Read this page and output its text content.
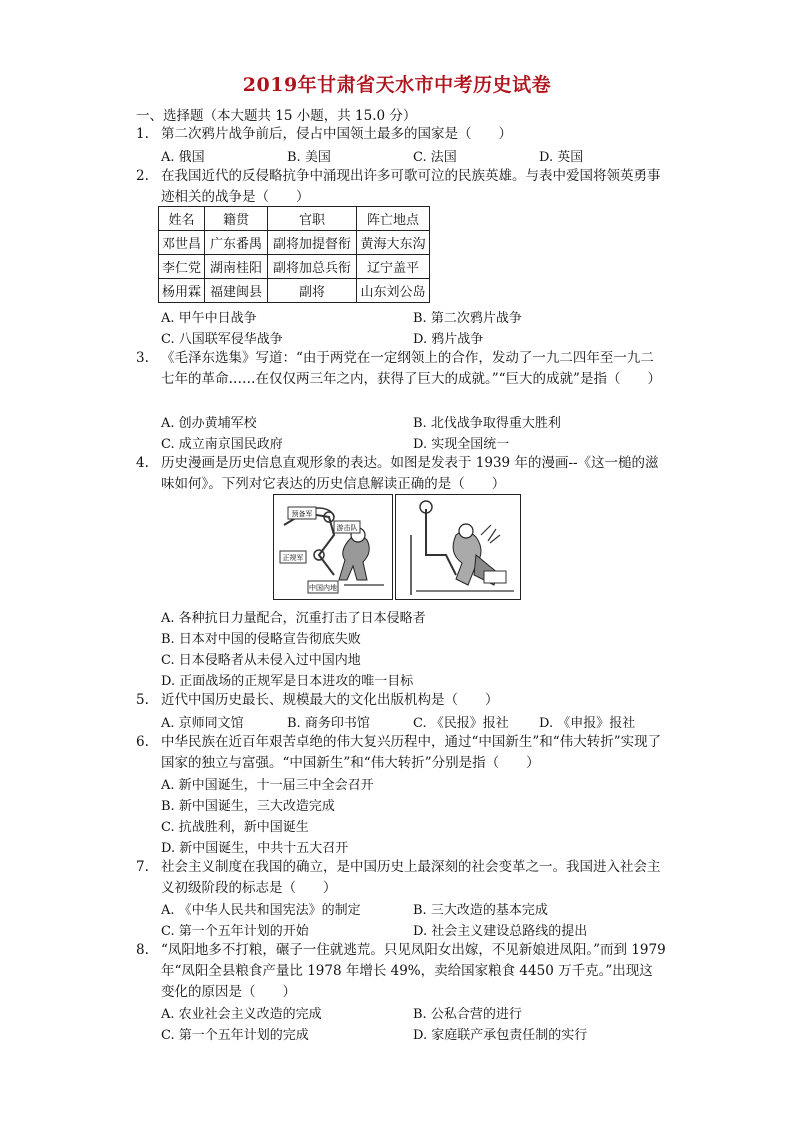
2019年甘肃省天水市中考历史试卷
一、选择题（本大题共 15 小题，共 15.0 分）
1. 第二次鸦片战争前后，侵占中国领土最多的国家是（　　）
A. 俄国	B. 美国	C. 法国	D. 英国
2. 在我国近代的反侵略抗争中涌现出许多可歌可泣的民族英雄。与表中爱国将领英勇事迹相关的战争是（　　）
姓名	籍贯	官职	阵亡地点
邓世昌	广东番禺	副将加提督衔	黄海大东沟
李仁党	湖南桂阳	副将加总兵衔	辽宁盖平
杨用霖	福建闽县	副将	山东刘公岛
A. 甲午中日战争	B. 第二次鸦片战争
C. 八国联军侵华战争	D. 鸦片战争
3. 《毛泽东选集》写道：“由于两党在一定纲领上的合作，发动了一九二四年至一九二七年的革命……在仅仅两三年之内，获得了巨大的成就。”“巨大的成就”是指（　　）
A. 创办黄埔军校	B. 北伐战争取得重大胜利
C. 成立南京国民政府	D. 实现全国统一
4. 历史漫画是历史信息直观形象的表达。如图是发表于 1939 年的漫画--《这一槌的滋味如何》。下列对它表达的历史信息解读正确的是（　　）
预备军
游击队
正规军
中国内地
A. 各种抗日力量配合，沉重打击了日本侵略者
B. 日本对中国的侵略宣告彻底失败
C. 日本侵略者从未侵入过中国内地
D. 正面战场的正规军是日本进攻的唯一目标
5. 近代中国历史最长、规模最大的文化出版机构是（　　）
A. 京师同文馆	B. 商务印书馆	C. 《民报》报社 D. 《申报》报社
6. 中华民族在近百年艰苦卓绝的伟大复兴历程中，通过“中国新生”和“伟大转折”实现了国家的独立与富强。“中国新生”和“伟大转折”分别是指（　　）
A. 新中国诞生，十一届三中全会召开
B. 新中国诞生，三大改造完成
C. 抗战胜利，新中国诞生
D. 新中国诞生，中共十五大召开
7. 社会主义制度在我国的确立，是中国历史上最深刻的社会变革之一。我国进入社会主义初级阶段的标志是（　　）
A. 《中华人民共和国宪法》的制定	B. 三大改造的基本完成
C. 第一个五年计划的开始	D. 社会主义建设总路线的提出
8. “凤阳地多不打粮，碾子一住就逃荒。只见凤阳女出嫁，不见新娘进凤阳。”而到 1979 年“凤阳全县粮食产量比 1978 年增长 49%，卖给国家粮食 4450 万千克。”出现这变化的原因是（　　）
A. 农业社会主义改造的完成	B. 公私合营的进行
C. 第一个五年计划的完成	D. 家庭联产承包责任制的实行
